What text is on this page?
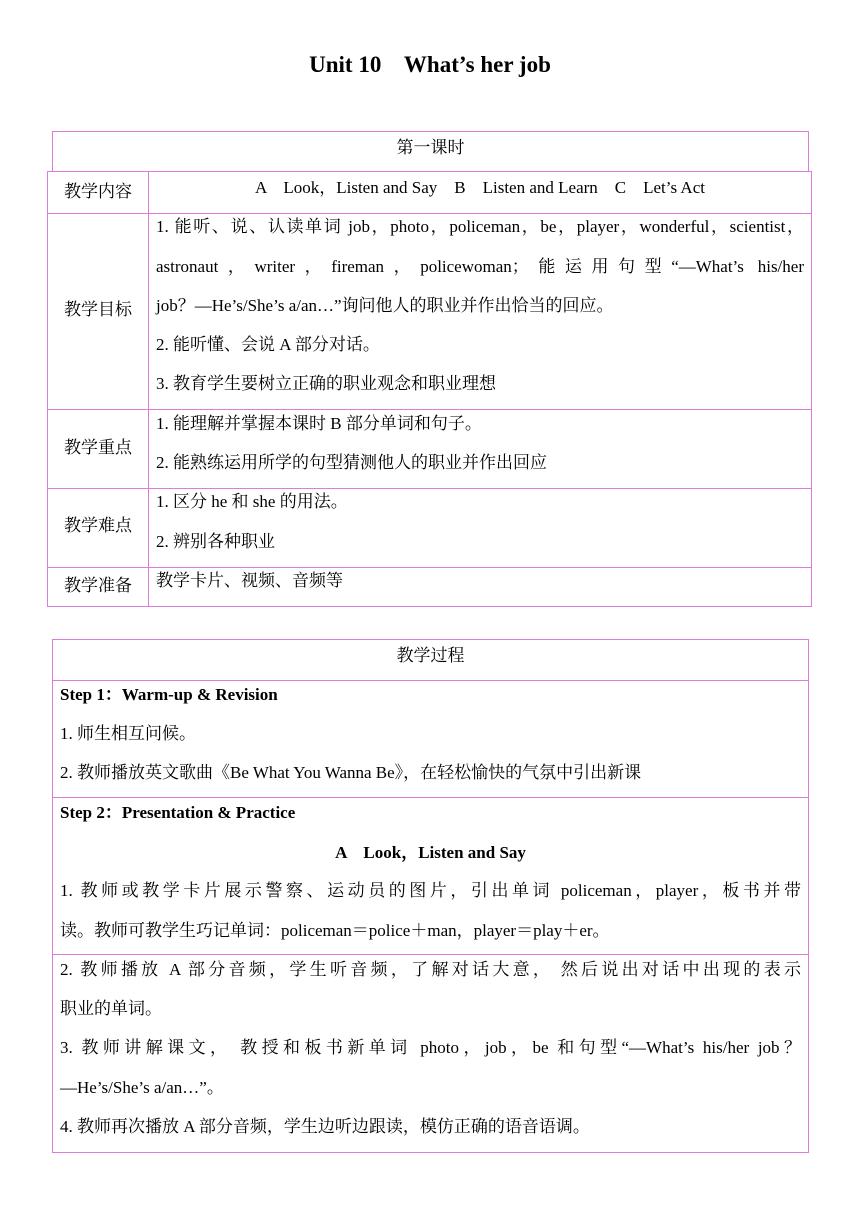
Unit 10    What’s her job
第一课时
教学内容	A    Look，Listen and Say    B    Listen and Learn    C    Let’s Act
教学目标
1. 能听、说、认读单词 job，photo，policeman，be，player，wonderful，scientist，
astronaut，writer，fireman，policewoman；能运用句型“—What’s his/her
job？—He’s/She’s a/an…”询问他人的职业并作出恰当的回应。
2. 能听懂、会说 A 部分对话。
3. 教育学生要树立正确的职业观念和职业理想
教学重点
1. 能理解并掌握本课时 B 部分单词和句子。
2. 能熟练运用所学的句型猜测他人的职业并作出回应
教学难点
1. 区分 he 和 she 的用法。
2. 辨别各种职业
教学准备	教学卡片、视频、音频等
教学过程
Step 1：Warm-up & Revision
1. 师生相互问候。
2. 教师播放英文歌曲《Be What You Wanna Be》，在轻松愉快的气氛中引出新课
Step 2：Presentation & Practice
A    Look，Listen and Say
1. 教师或教学卡片展示警察、运动员的图片，引出单词 policeman，player，板书并带
读。教师可教学生巧记单词：policeman＝police＋man，player＝play＋er。
2. 教师播放 A 部分音频，学生听音频，了解对话大意， 然后说出对话中出现的表示
职业的单词。
3. 教师讲解课文， 教授和板书新单词 photo，job，be 和句型“—What’s his/her job？
—He’s/She’s a/an…”。
4. 教师再次播放 A 部分音频，学生边听边跟读，模仿正确的语音语调。
